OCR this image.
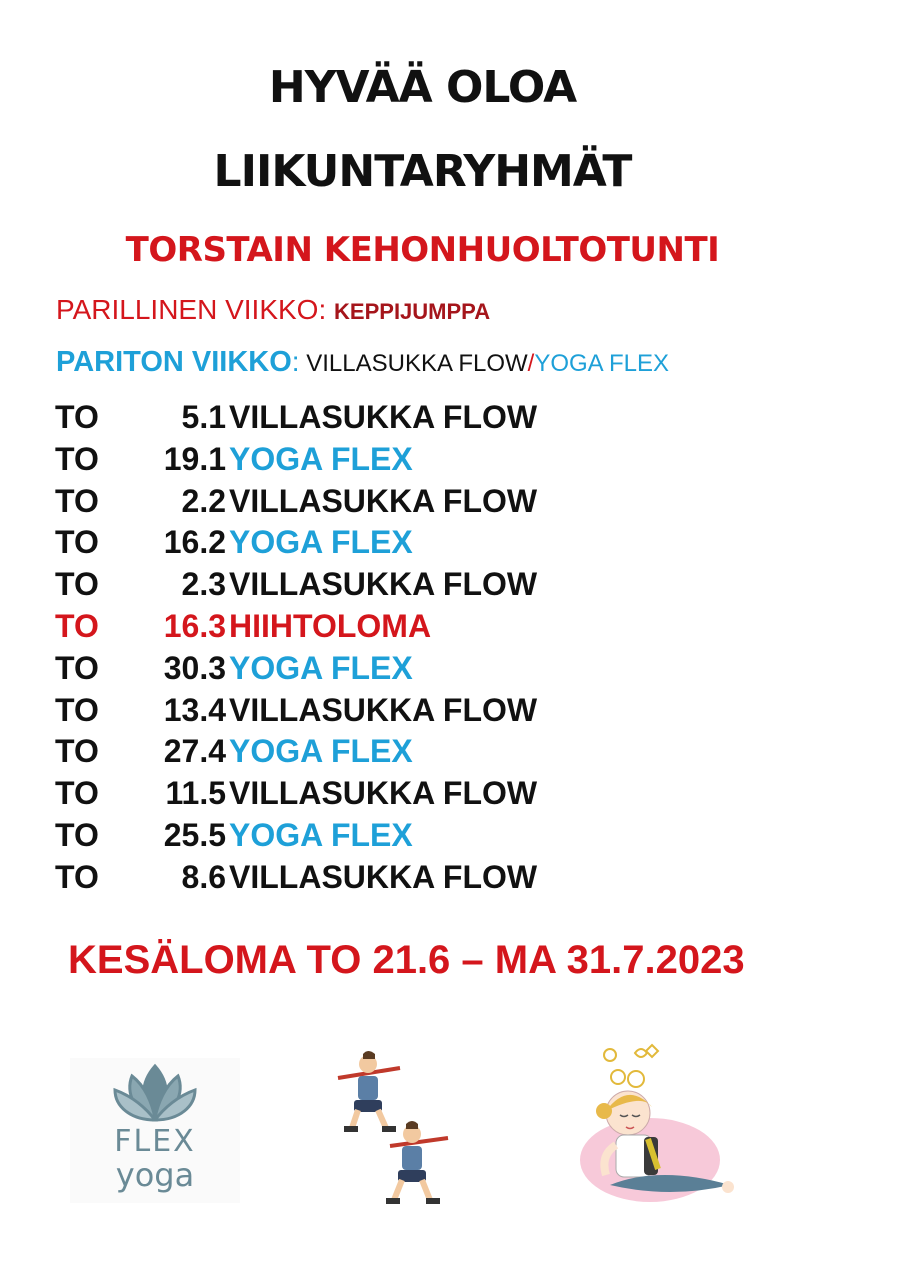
HYVÄÄ OLOA
LIIKUNTARYHMÄT
TORSTAIN KEHONHUOLTOTUNTI
PARILLINEN VIIKKO: KEPPIJUMPPA
PARITON VIIKKO: VILLASUKKA FLOW/YOGA FLEX
TO	5.1 VILLASUKKA FLOW
TO 19.1 YOGA FLEX
TO	2.2 VILLASUKKA FLOW
TO 16.2 YOGA FLEX
TO	2.3 VILLASUKKA FLOW
TO 16.3 HIIHTOLOMA
TO 30.3 YOGA FLEX
TO 13.4 VILLASUKKA FLOW
TO 27.4 YOGA FLEX
TO 11.5 VILLASUKKA FLOW
TO 25.5 YOGA FLEX
TO	8.6 VILLASUKKA FLOW
KESÄLOMA TO 21.6 – MA 31.7.2023
FLEX
yoga
